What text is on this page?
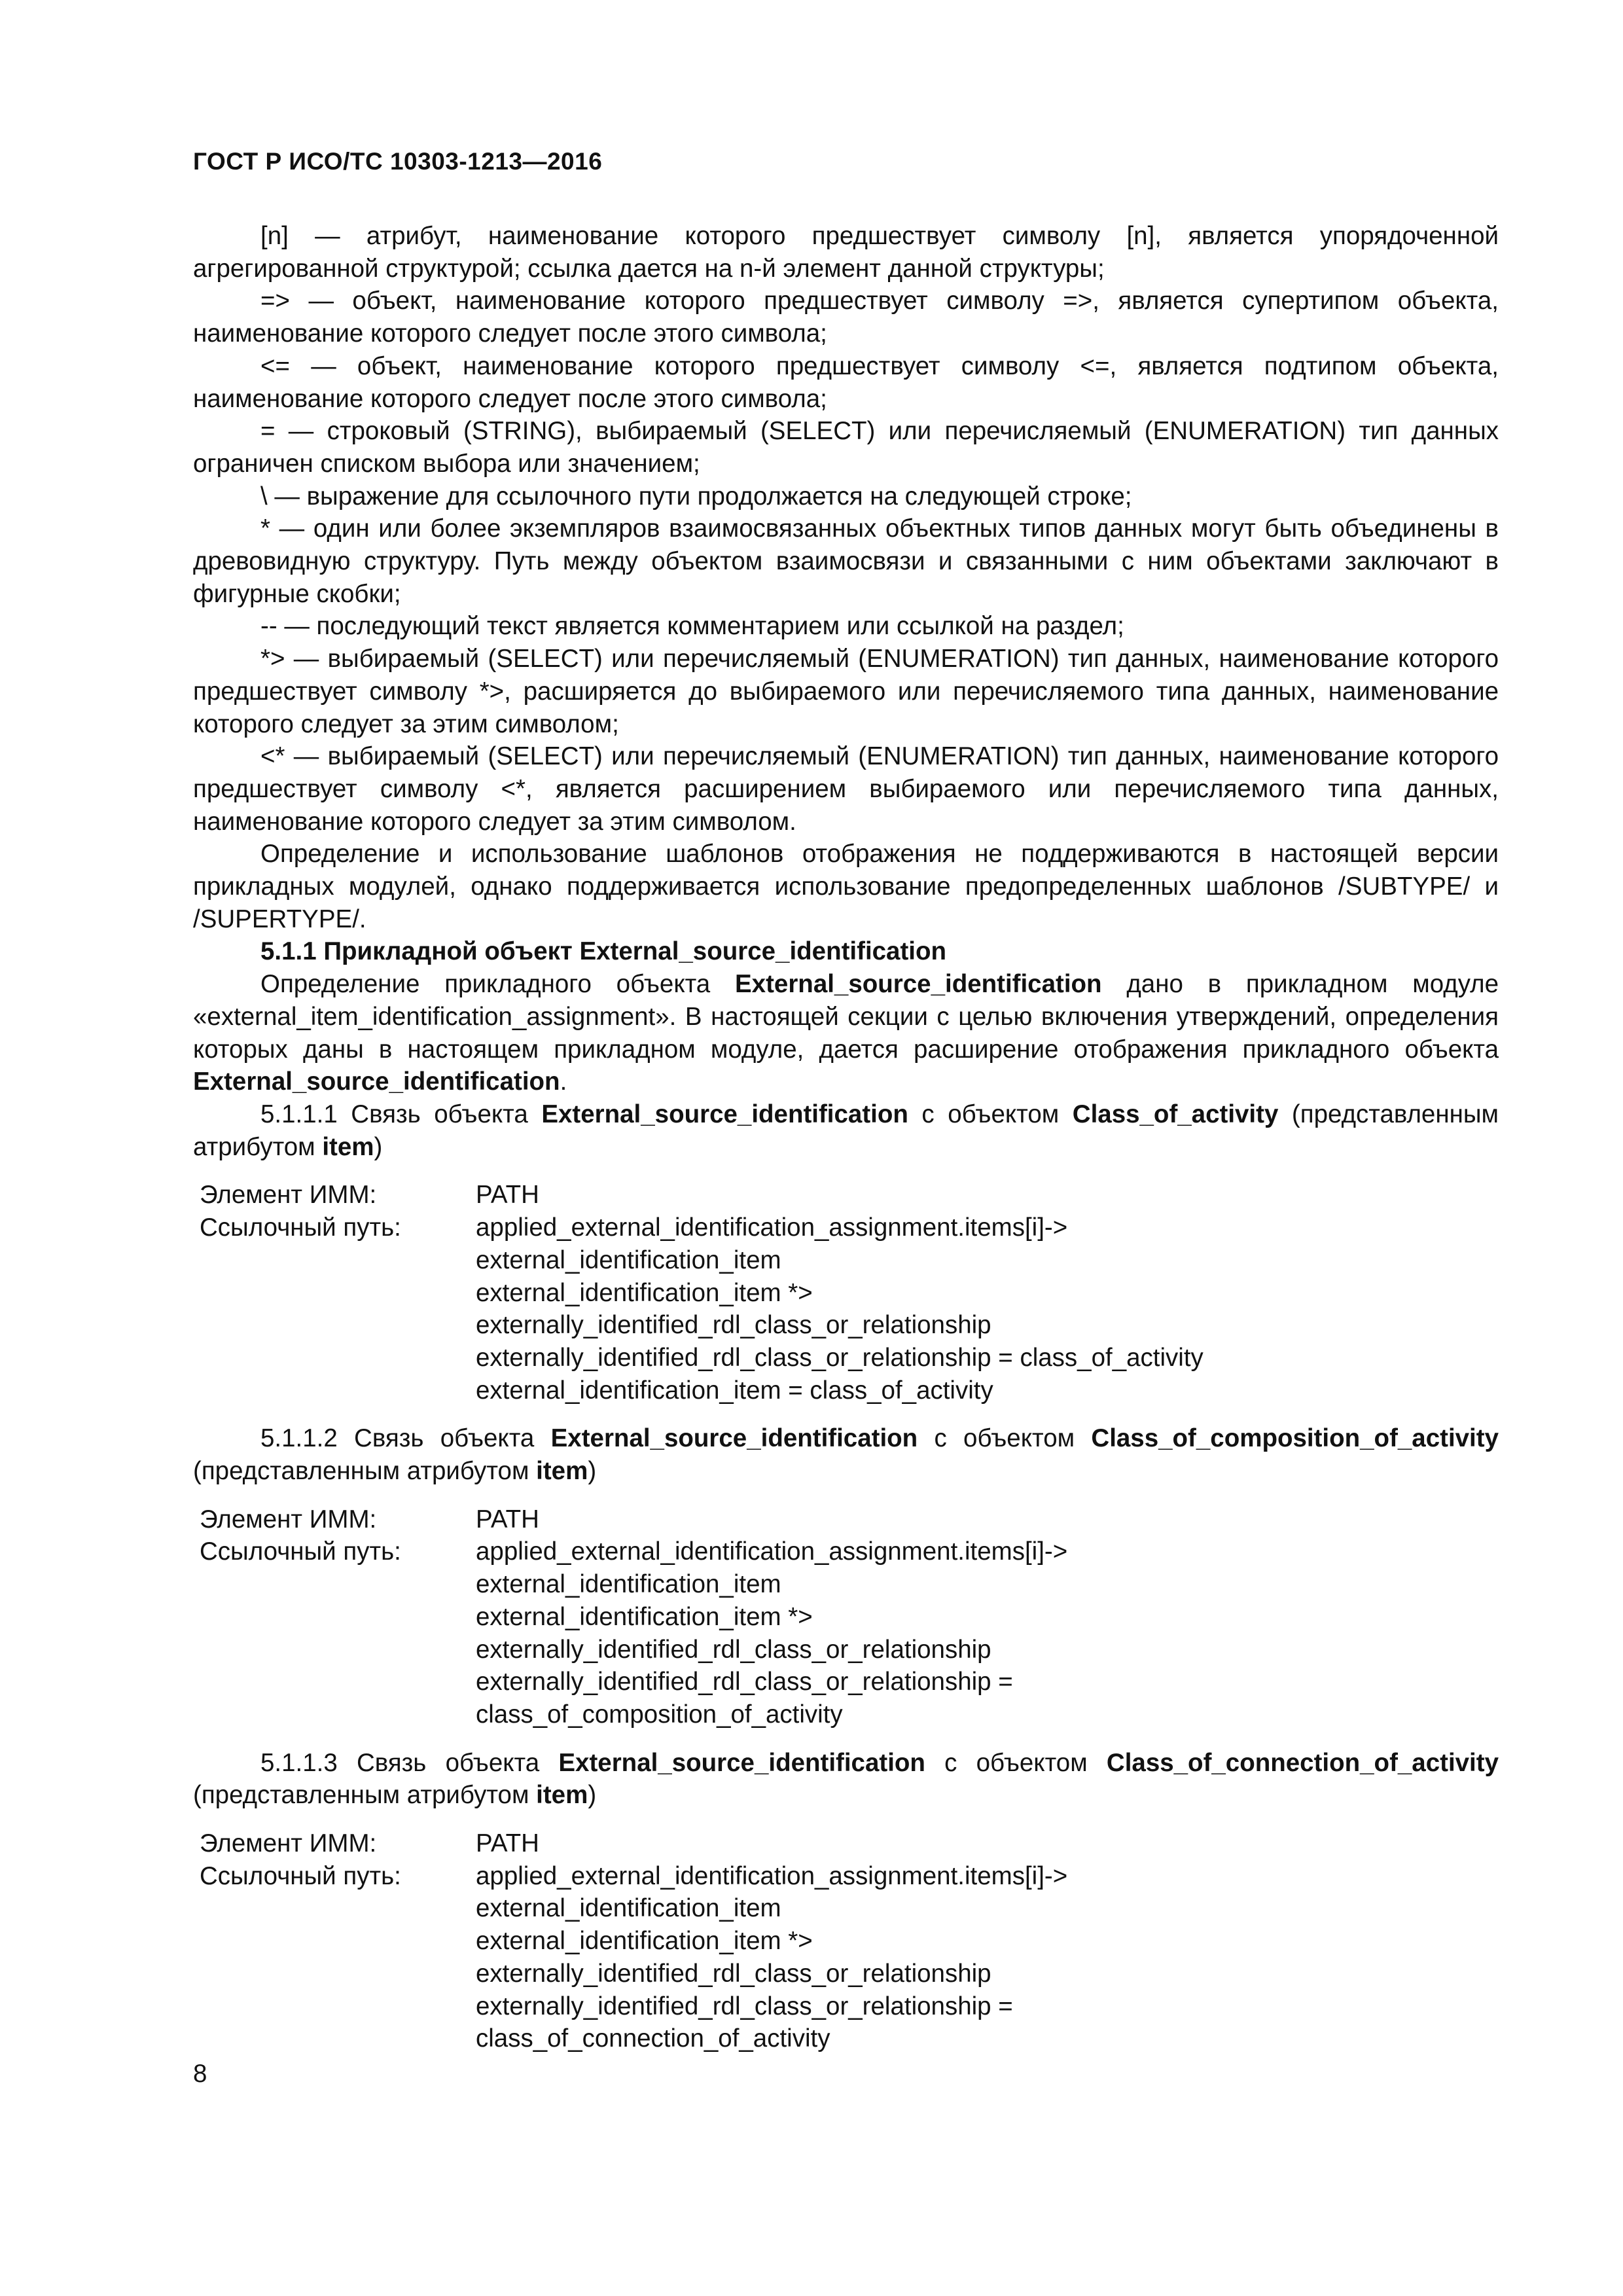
ГОСТ Р ИСО/ТС 10303-1213—2016

[n] — атрибут, наименование которого предшествует символу [n], является упорядоченной агрегированной структурой; ссылка дается на n-й элемент данной структуры;

=> — объект, наименование которого предшествует символу =>, является супертипом объекта, наименование которого следует после этого символа;

<= — объект, наименование которого предшествует символу <=, является подтипом объекта, наименование которого следует после этого символа;

= — строковый (STRING), выбираемый (SELECT) или перечисляемый (ENUMERATION) тип данных ограничен списком выбора или значением;

\ — выражение для ссылочного пути продолжается на следующей строке;

* — один или более экземпляров взаимосвязанных объектных типов данных могут быть объединены в древовидную структуру. Путь между объектом взаимосвязи и связанными с ним объектами заключают в фигурные скобки;

-- — последующий текст является комментарием или ссылкой на раздел;

*> — выбираемый (SELECT) или перечисляемый (ENUMERATION) тип данных, наименование которого предшествует символу *>, расширяется до выбираемого или перечисляемого типа данных, наименование которого следует за этим символом;

<* — выбираемый (SELECT) или перечисляемый (ENUMERATION) тип данных, наименование которого предшествует символу <*, является расширением выбираемого или перечисляемого типа данных, наименование которого следует за этим символом.

Определение и использование шаблонов отображения не поддерживаются в настоящей версии прикладных модулей, однако поддерживается использование предопределенных шаблонов /SUBTYPE/ и /SUPERTYPE/.

5.1.1 Прикладной объект External_source_identification

Определение прикладного объекта External_source_identification дано в прикладном модуле «external_item_identification_assignment». В настоящей секции с целью включения утверждений, определения которых даны в настоящем прикладном модуле, дается расширение отображения прикладного объекта External_source_identification.

5.1.1.1 Связь объекта External_source_identification с объектом Class_of_activity (представленным атрибутом item)

Элемент ИММ:	PATH
Ссылочный путь:	applied_external_identification_assignment.items[i]->
external_identification_item
external_identification_item *>
externally_identified_rdl_class_or_relationship
externally_identified_rdl_class_or_relationship = class_of_activity
external_identification_item = class_of_activity

5.1.1.2 Связь объекта External_source_identification с объектом Class_of_composition_of_activity (представленным атрибутом item)

Элемент ИММ:	PATH
Ссылочный путь:	applied_external_identification_assignment.items[i]->
external_identification_item
external_identification_item *>
externally_identified_rdl_class_or_relationship
externally_identified_rdl_class_or_relationship =
class_of_composition_of_activity

5.1.1.3 Связь объекта External_source_identification с объектом Class_of_connection_of_activity (представленным атрибутом item)

Элемент ИММ:	PATH
Ссылочный путь:	applied_external_identification_assignment.items[i]->
external_identification_item
external_identification_item *>
externally_identified_rdl_class_or_relationship
externally_identified_rdl_class_or_relationship =
class_of_connection_of_activity
8
